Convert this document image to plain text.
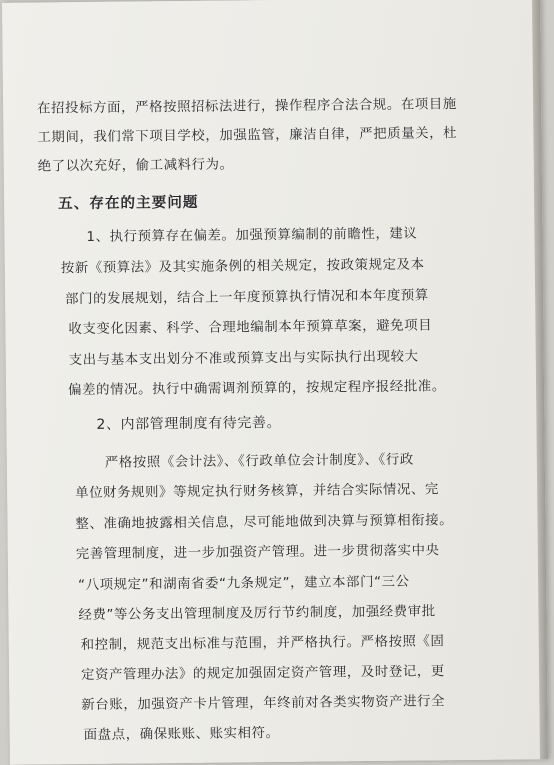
在招投标方面，严格按照招标法进行，操作程序合法合规。在项目施
工期间，我们常下项目学校，加强监管，廉洁自律，严把质量关，杜
绝了以次充好，偷工减料行为。
五、存在的主要问题
1、执行预算存在偏差。加强预算编制的前瞻性，建议
按新《预算法》及其实施条例的相关规定，按政策规定及本
部门的发展规划，结合上一年度预算执行情况和本年度预算
收支变化因素、科学、合理地编制本年预算草案，避免项目
支出与基本支出划分不准或预算支出与实际执行出现较大
偏差的情况。执行中确需调剂预算的，按规定程序报经批准。
2、内部管理制度有待完善。
严格按照《会计法》、《行政单位会计制度》、《行政
单位财务规则》等规定执行财务核算，并结合实际情况、完
整、准确地披露相关信息，尽可能地做到决算与预算相衔接。
完善管理制度，进一步加强资产管理。进一步贯彻落实中央
“八项规定”和湖南省委“九条规定”，建立本部门“三公
经费”等公务支出管理制度及厉行节约制度，加强经费审批
和控制，规范支出标准与范围，并严格执行。严格按照《固
定资产管理办法》的规定加强固定资产管理，及时登记，更
新台账，加强资产卡片管理，年终前对各类实物资产进行全
面盘点，确保账账、账实相符。
